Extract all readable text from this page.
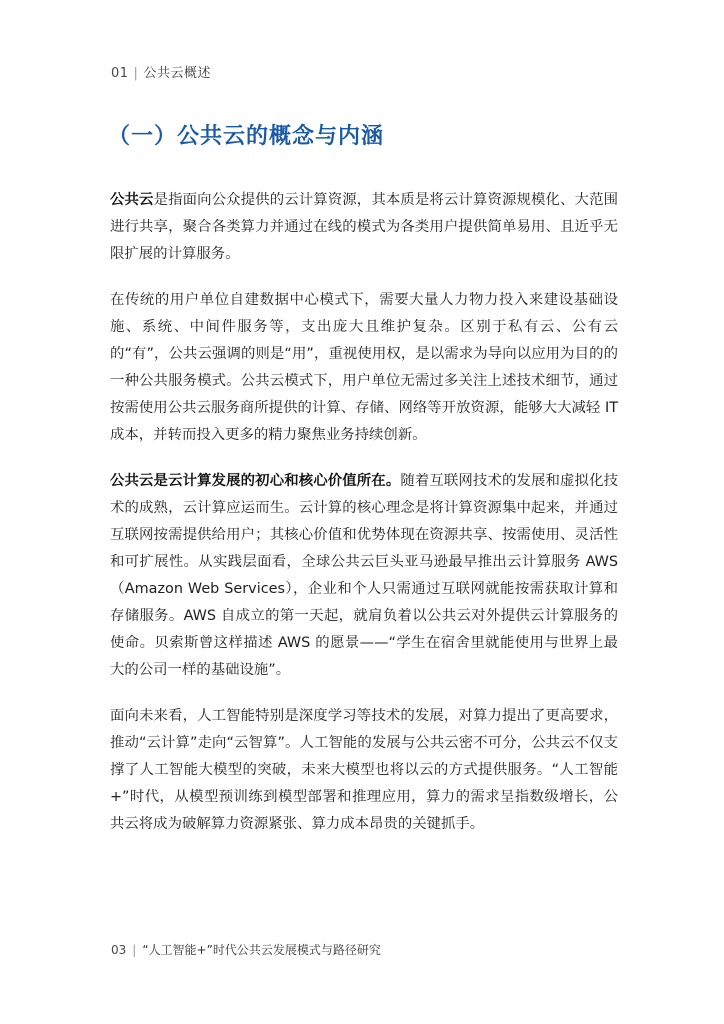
01 | 公共云概述
（一）公共云的概念与内涵

公共云是指面向公众提供的云计算资源，其本质是将云计算资源规模化、大范围进行共享，聚合各类算力并通过在线的模式为各类用户提供简单易用、且近乎无限扩展的计算服务。

在传统的用户单位自建数据中心模式下，需要大量人力物力投入来建设基础设施、系统、中间件服务等，支出庞大且维护复杂。区别于私有云、公有云的“有”，公共云强调的则是“用”，重视使用权，是以需求为导向以应用为目的的一种公共服务模式。公共云模式下，用户单位无需过多关注上述技术细节，通过按需使用公共云服务商所提供的计算、存储、网络等开放资源，能够大大减轻 IT 成本，并转而投入更多的精力聚焦业务持续创新。

公共云是云计算发展的初心和核心价值所在。随着互联网技术的发展和虚拟化技术的成熟，云计算应运而生。云计算的核心理念是将计算资源集中起来，并通过互联网按需提供给用户；其核心价值和优势体现在资源共享、按需使用、灵活性和可扩展性。从实践层面看，全球公共云巨头亚马逊最早推出云计算服务 AWS（Amazon Web Services），企业和个人只需通过互联网就能按需获取计算和存储服务。AWS 自成立的第一天起，就肩负着以公共云对外提供云计算服务的使命。贝索斯曾这样描述 AWS 的愿景——“学生在宿舍里就能使用与世界上最大的公司一样的基础设施”。

面向未来看，人工智能特别是深度学习等技术的发展，对算力提出了更高要求，推动“云计算”走向“云智算”。人工智能的发展与公共云密不可分，公共云不仅支撑了人工智能大模型的突破，未来大模型也将以云的方式提供服务。“人工智能+”时代，从模型预训练到模型部署和推理应用，算力的需求呈指数级增长，公共云将成为破解算力资源紧张、算力成本昂贵的关键抓手。

03 | “人工智能+”时代公共云发展模式与路径研究
